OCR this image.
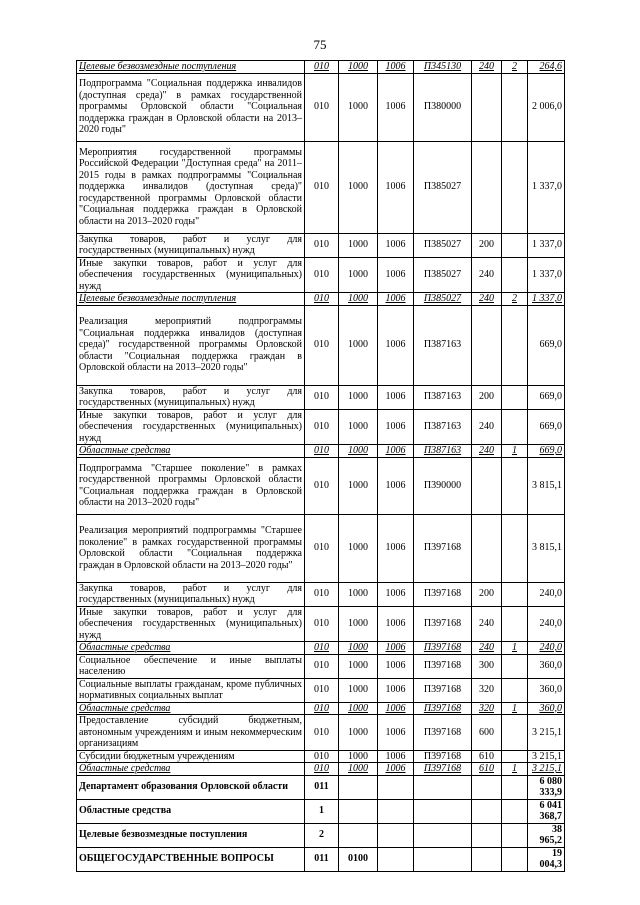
75
Целевые безвозмездные поступления	010	1000	1006	П345130	240	2	264,6
Подпрограмма "Социальная поддержка инвалидов (доступная среда)" в рамках государственной программы Орловской области "Социальная поддержка граждан в Орловской области на 2013–2020 годы"	010	1000	1006	П380000			2 006,0
Мероприятия государственной программы Российской Федерации "Доступная среда" на 2011–2015 годы в рамках подпрограммы "Социальная поддержка инвалидов (доступная среда)" государственной программы Орловской области "Социальная поддержка граждан в Орловской области на 2013–2020 годы"	010	1000	1006	П385027			1 337,0
Закупка товаров, работ и услуг для государственных (муниципальных) нужд	010	1000	1006	П385027	200		1 337,0
Иные закупки товаров, работ и услуг для обеспечения государственных (муниципальных) нужд	010	1000	1006	П385027	240		1 337,0
Целевые безвозмездные поступления	010	1000	1006	П385027	240	2	1 337,0
Реализация мероприятий подпрограммы "Социальная поддержка инвалидов (доступная среда)" государственной программы Орловской области "Социальная поддержка граждан в Орловской области на 2013–2020 годы"	010	1000	1006	П387163			669,0
Закупка товаров, работ и услуг для государственных (муниципальных) нужд	010	1000	1006	П387163	200		669,0
Иные закупки товаров, работ и услуг для обеспечения государственных (муниципальных) нужд	010	1000	1006	П387163	240		669,0
Областные средства	010	1000	1006	П387163	240	1	669,0
Подпрограмма "Старшее поколение" в рамках государственной программы Орловской области "Социальная поддержка граждан в Орловской области на 2013–2020 годы"	010	1000	1006	П390000			3 815,1
Реализация мероприятий подпрограммы "Старшее поколение" в рамках государственной программы Орловской области "Социальная поддержка граждан в Орловской области на 2013–2020 годы"	010	1000	1006	П397168			3 815,1
Закупка товаров, работ и услуг для государственных (муниципальных) нужд	010	1000	1006	П397168	200		240,0
Иные закупки товаров, работ и услуг для обеспечения государственных (муниципальных) нужд	010	1000	1006	П397168	240		240,0
Областные средства	010	1000	1006	П397168	240	1	240,0
Социальное обеспечение и иные выплаты населению	010	1000	1006	П397168	300		360,0
Социальные выплаты гражданам, кроме публичных нормативных социальных выплат	010	1000	1006	П397168	320		360,0
Областные средства	010	1000	1006	П397168	320	1	360,0
Предоставление субсидий бюджетным, автономным учреждениям и иным некоммерческим организациям	010	1000	1006	П397168	600		3 215,1
Субсидии бюджетным учреждениям	010	1000	1006	П397168	610		3 215,1
Областные средства	010	1000	1006	П397168	610	1	3 215,1
Департамент образования Орловской области	011						6 080 333,9
Областные средства	1						6 041 368,7
Целевые безвозмездные поступления	2						38 965,2
ОБЩЕГОСУДАРСТВЕННЫЕ ВОПРОСЫ	011	0100					19 004,3
